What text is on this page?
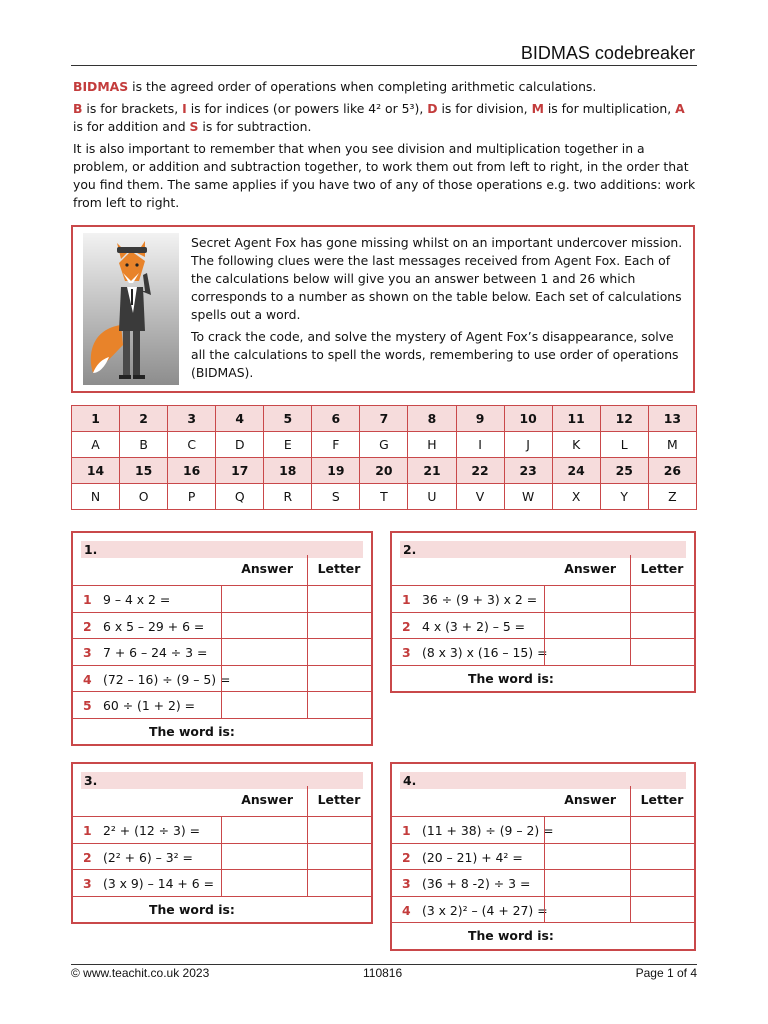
BIDMAS codebreaker

BIDMAS is the agreed order of operations when completing arithmetic calculations.

B is for brackets, I is for indices (or powers like 4² or 5³), D is for division, M is for multiplication, A is for addition and S is for subtraction.

It is also important to remember that when you see division and multiplication together in a problem, or addition and subtraction together, to work them out from left to right, in the order that you find them. The same applies if you have two of any of those operations e.g. two additions: work from left to right.

Secret Agent Fox has gone missing whilst on an important undercover mission. The following clues were the last messages received from Agent Fox. Each of the calculations below will give you an answer between 1 and 26 which corresponds to a number as shown on the table below. Each set of calculations spells out a word.

To crack the code, and solve the mystery of Agent Fox’s disappearance, solve all the calculations to spell the words, remembering to use order of operations (BIDMAS).

1	2	3	4	5	6	7	8	9	10	11	12	13
A	B	C	D	E	F	G	H	I	J	K	L	M
14	15	16	17	18	19	20	21	22	23	24	25	26
N	O	P	Q	R	S	T	U	V	W	X	Y	Z
1.
Answer	Letter
1 9 – 4 x 2 =
2 6 x 5 – 29 + 6 =
3 7 + 6 – 24 ÷ 3 =
4 (72 – 16) ÷ (9 – 5) =
5 60 ÷ (1 + 2) =
The word is:
2.
Answer	Letter
1 36 ÷ (9 + 3) x 2 =
2 4 x (3 + 2) – 5 =
3 (8 x 3) x (16 – 15) =
The word is:
3.
Answer	Letter
1 2² + (12 ÷ 3) =
2 (2² + 6) – 3² =
3 (3 x 9) – 14 + 6 =
The word is:
4.
Answer	Letter
1 (11 + 38) ÷ (9 – 2) =
2 (20 – 21) + 4² =
3 (36 + 8 -2) ÷ 3 =
4 (3 x 2)² – (4 + 27) =
The word is:
© www.teachit.co.uk 2023	110816	Page 1 of 4
